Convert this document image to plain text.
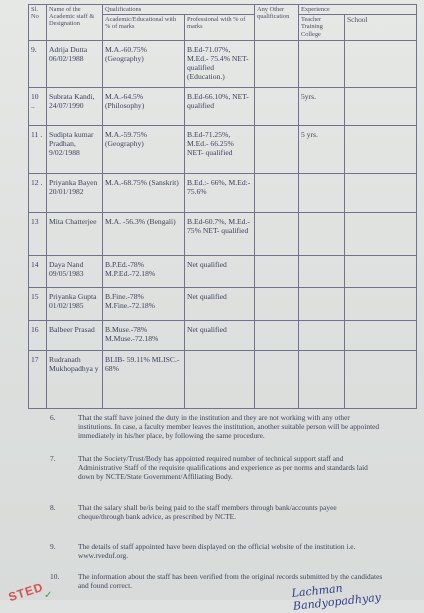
Sl. No	Name of the Academic staff & Designation	Qualifications		Any Other qualification	Experience	
		Academic/Educational with % of marks	Professional with % of marks		Teacher Training College	School
9.	Adrija Dutta 06/02/1988	M.A.-60.75% (Geography)	B.Ed-71.07%, M.Ed.- 75.4% NET- qualified (Education.)			
10 ..	Subrata Kandi, 24/07/1990	M.A.-64.5% (Philosophy)	B.Ed-66.10%, NET- qualified		5yrs.	
11 .	Sudipta kumar Pradhan, 9/02/1988	M.A.-59.75% (Geography)	B.Ed-71.25%, M.Ed.- 66.25% NET- qualified		5 yrs.	
12 .	Priyanka Bayen 20/01/1982	M.A.-68.75% (Sanskrit)	B.Ed.:- 66%, M.Ed:- 75.6%			
13	Mita Chatterjee	M.A. -56.3% (Bengali)	B.Ed-60.7%, M.Ed.- 75% NET- qualified			
14	Daya Nand 09/05/1983	B.P.Ed.-78% M.P.Ed.-72.18%	Net qualified			
15	Priyanka Gupta 01/02/1985	B.Fine.-78% M.Fine.-72.18%	Net qualified			
16	Balbeer Prasad	B.Muse.-78% M.Muse.-72.18%	Net qualified			
17	Rudranath Mukhopadhya y	BLIB- 59.11% MLISC.- 68%				
6.	That the staff have joined the duty in the institution and they are not working with any other institutions. In case, a faculty member leaves the institution, another suitable person will be appointed immediately in his/her place, by following the same procedure.
7.	That the Society/Trust/Body has appointed required number of technical support staff and Administrative Staff of the requisite qualifications and experience as per norms and standards laid down by NCTE/State Government/Affiliating Body.
8.	That the salary shall be/is being paid to the staff members through bank/accounts payee cheque/through bank advice, as prescribed by NCTE.
9.	The details of staff appointed have been displayed on the official website of the institution i.e. www.rveduf.org.
10.	The information about the staff has been verified from the original records submitted by the candidates and found correct.
STED
✓	Lachman Bandyopadhyay
